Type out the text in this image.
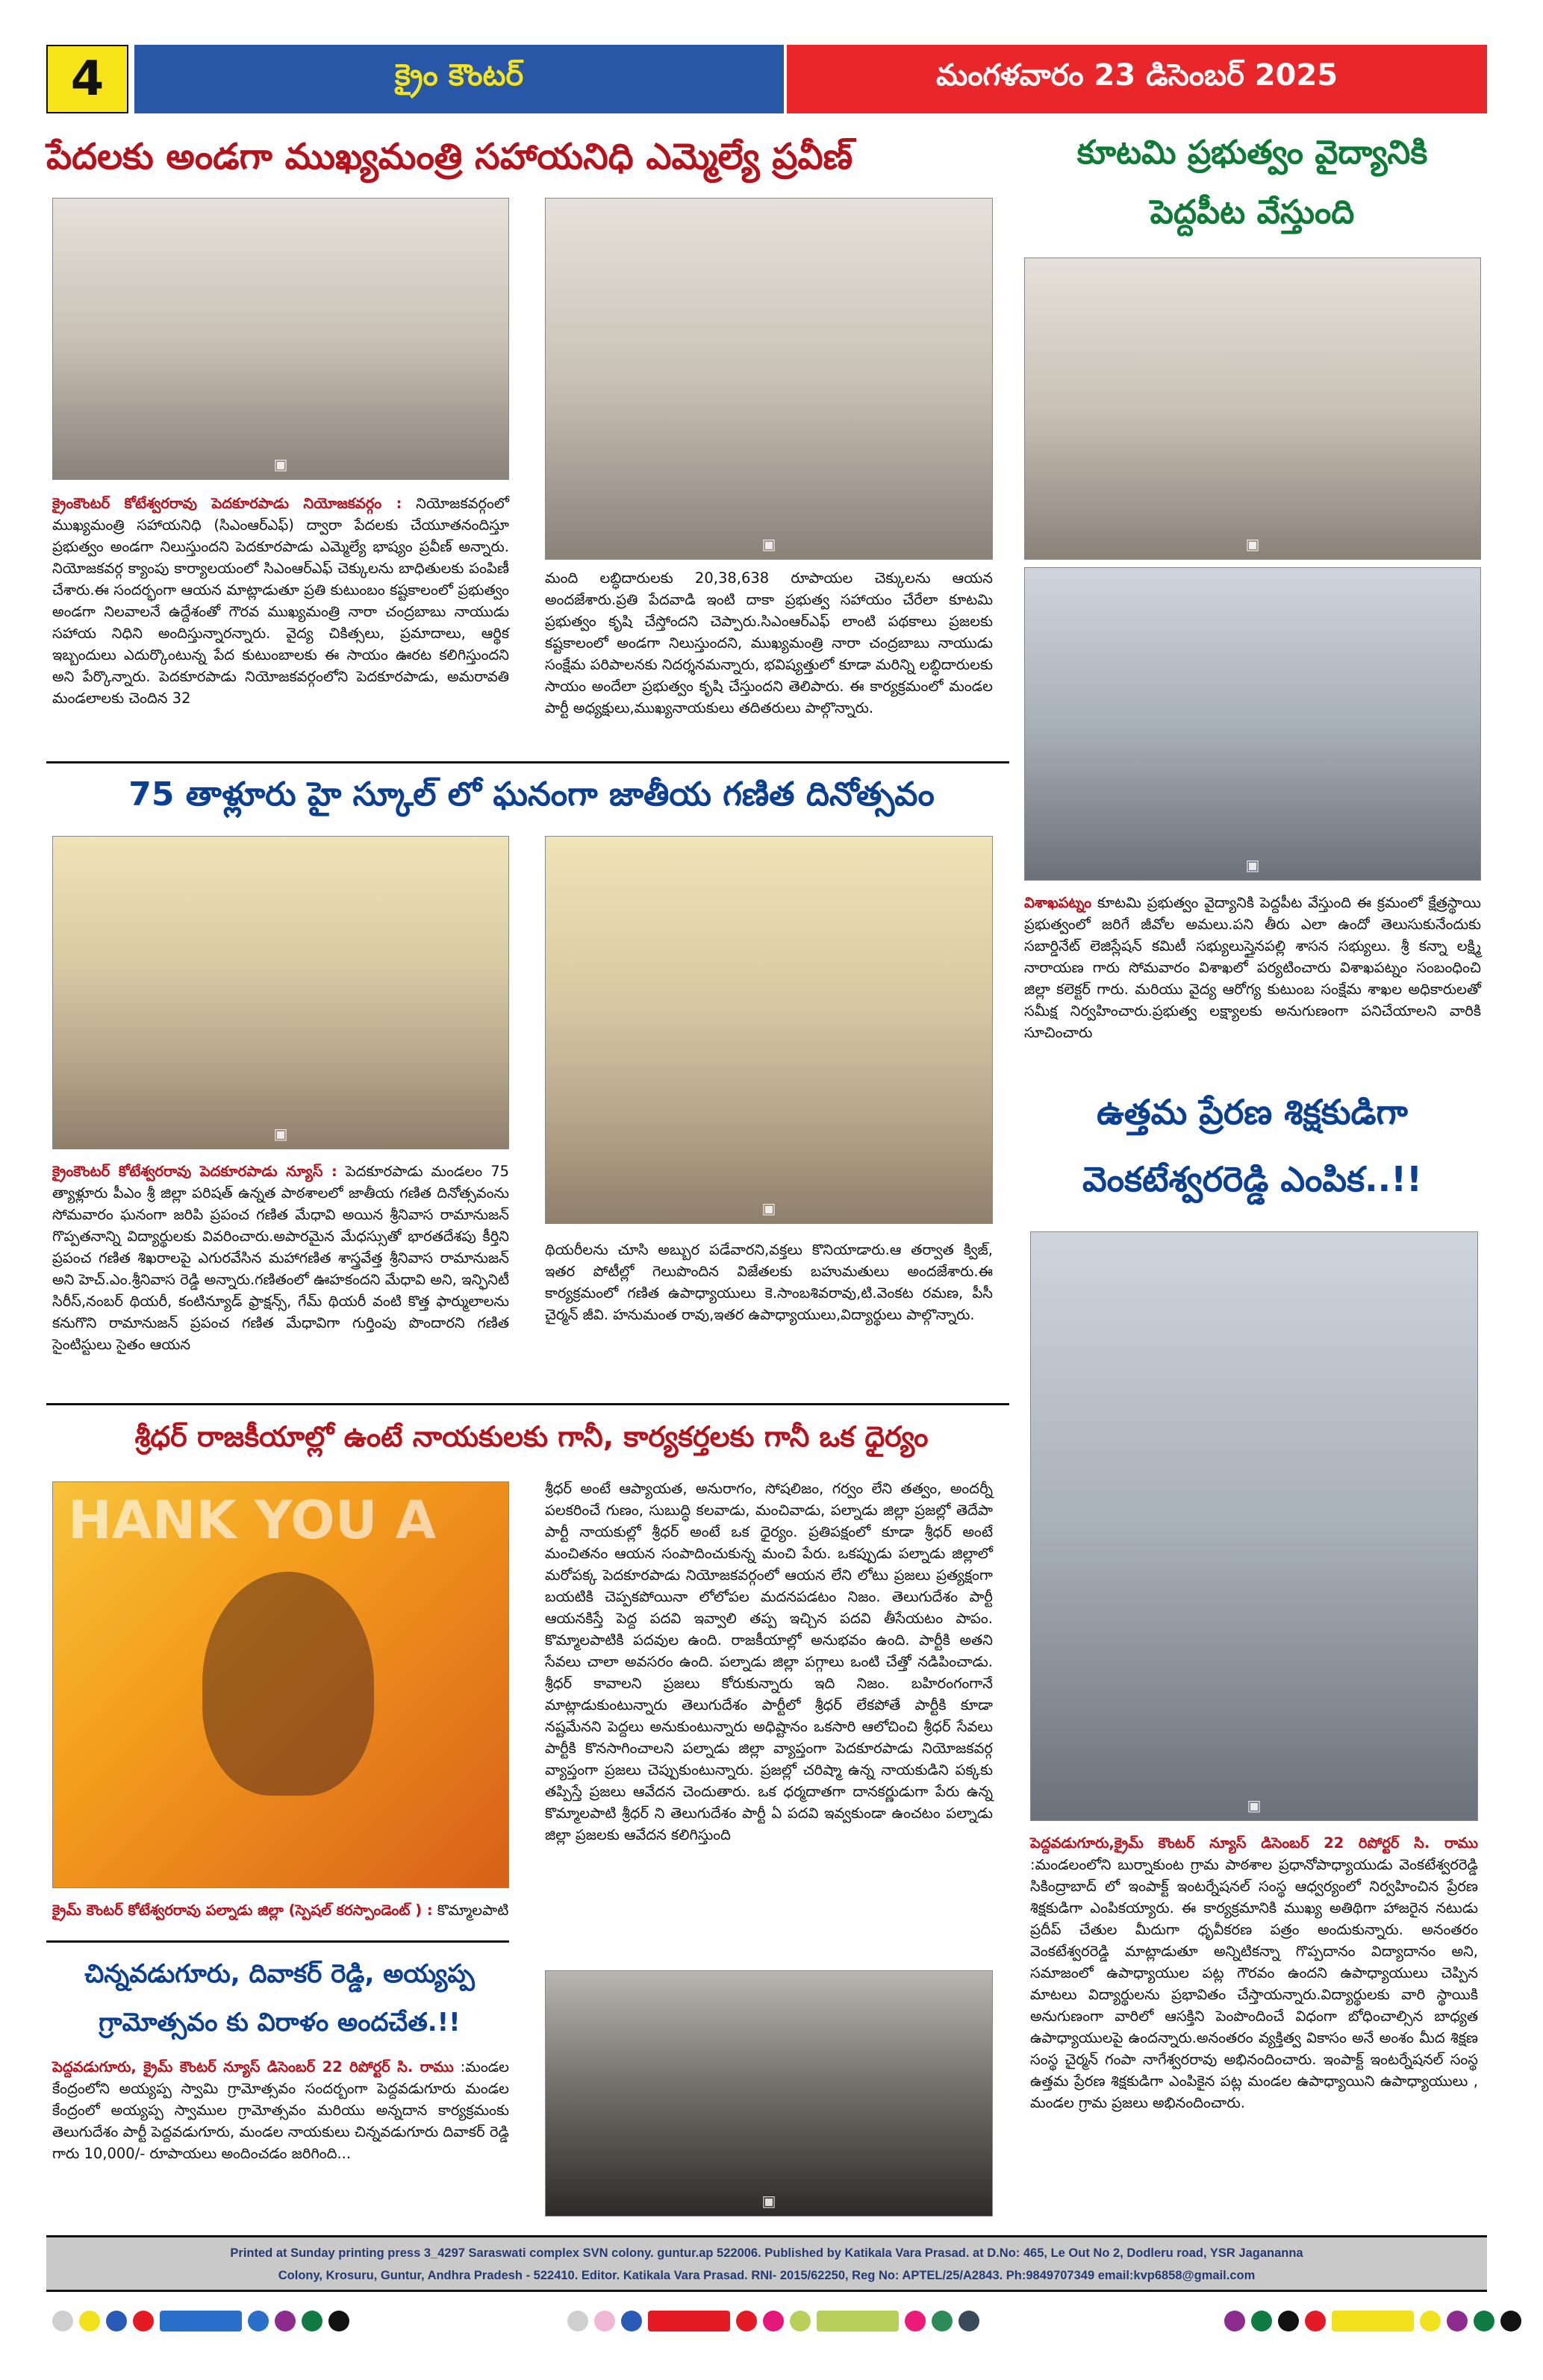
4	క్రైం కౌంటర్	మంగళవారం 23 డిసెంబర్ 2025
పేదలకు అండగా ముఖ్యమంత్రి సహాయనిధి ఎమ్మెల్యే ప్రవీణ్
▣
▣

క్రైంకౌంటర్ కోటేశ్వరరావు పెదకూరపాడు నియోజకవర్గం : నియోజకవర్గంలో ముఖ్యమంత్రి సహాయనిధి (సిఎంఆర్ఎఫ్) ద్వారా పేదలకు చేయూతనందిస్తూ ప్రభుత్వం అండగా నిలుస్తుందని పెదకూరపాడు ఎమ్మెల్యే భాష్యం ప్రవీణ్ అన్నారు. నియోజకవర్గ క్యాంపు కార్యాలయంలో సిఎంఆర్ఎఫ్ చెక్కులను బాధితులకు పంపిణీ చేశారు.ఈ సందర్భంగా ఆయన మాట్లాడుతూ ప్రతి కుటుంబం కష్టకాలంలో ప్రభుత్వం అండగా నిలవాలనే ఉద్దేశంతో గౌరవ ముఖ్యమంత్రి నారా చంద్రబాబు నాయుడు సహాయ నిధిని అందిస్తున్నారన్నారు. వైద్య చికిత్సలు, ప్రమాదాలు, ఆర్థిక ఇబ్బందులు ఎదుర్కొంటున్న పేద కుటుంబాలకు ఈ సాయం ఊరట కలిగిస్తుందని అని పేర్కొన్నారు. పెదకూరపాడు నియోజకవర్గంలోని పెదకూరపాడు, అమరావతి మండలాలకు చెందిన 32

మంది లబ్ధిదారులకు 20,38,638 రూపాయల చెక్కులను ఆయన అందజేశారు.ప్రతి పేదవాడి ఇంటి దాకా ప్రభుత్వ సహాయం చేరేలా కూటమి ప్రభుత్వం కృషి చేస్తోందని చెప్పారు.సిఎంఆర్ఎఫ్ లాంటి పథకాలు ప్రజలకు కష్టకాలంలో అండగా నిలుస్తుందని, ముఖ్యమంత్రి నారా చంద్రబాబు నాయుడు సంక్షేమ పరిపాలనకు నిదర్శనమన్నారు, భవిష్యత్తులో కూడా మరిన్ని లబ్ధిదారులకు సాయం అందేలా ప్రభుత్వం కృషి చేస్తుందని తెలిపారు. ఈ కార్యక్రమంలో మండల పార్టీ అధ్యక్షులు,ముఖ్యనాయకులు తదితరులు పాల్గొన్నారు.

కూటమి ప్రభుత్వం వైద్యానికి
పెద్దపీట వేస్తుంది
▣
▣

విశాఖపట్నం కూటమి ప్రభుత్వం వైద్యానికి పెద్దపీట వేస్తుంది ఈ క్రమంలో క్షేత్రస్థాయి ప్రభుత్వంలో జరిగే జీవోల అమలు.పని తీరు ఎలా ఉందో తెలుసుకునేందుకు సబార్డినేట్ లెజిస్లేషన్ కమిటీ సభ్యులుస్తైనపల్లి శాసన సభ్యులు. శ్రీ కన్నా లక్ష్మి నారాయణ గారు సోమవారం విశాఖలో పర్యటించారు విశాఖపట్నం సంబంధించి జిల్లా కలెక్టర్ గారు. మరియు వైద్య ఆరోగ్య కుటుంబ సంక్షేమ శాఖల అధికారులతో సమీక్ష నిర్వహించారు.ప్రభుత్వ లక్ష్యాలకు అనుగుణంగా పనిచేయాలని వారికి సూచించారు

75 తాళ్లూరు హై స్కూల్ లో ఘనంగా జాతీయ గణిత దినోత్సవం
▣
▣

క్రైంకౌంటర్ కోటేశ్వరరావు పెదకూరపాడు న్యూస్ : పెదకూరపాడు మండలం 75 త్యాళ్లూరు పీఎం శ్రీ జిల్లా పరిషత్ ఉన్నత పాఠశాలలో జాతీయ గణిత దినోత్సవంను సోమవారం ఘనంగా జరిపి ప్రపంచ గణిత మేధావి అయిన శ్రీనివాస రామానుజన్ గొప్పతనాన్ని విద్యార్థులకు వివరించారు.అపారమైన మేధస్సుతో భారతదేశపు కీర్తిని ప్రపంచ గణిత శిఖరాలపై ఎగురవేసిన మహాగణిత శాస్త్రవేత్త శ్రీనివాస రామానుజన్ అని హెచ్.ఎం.శ్రీనివాస రెడ్డి అన్నారు.గణితంలో ఊహకందని మేధావి అని, ఇన్ఫినిటీ సిరీస్,నంబర్ థియరీ, కంటిన్యూడ్ ఫ్రాక్షన్స్, గేమ్ థియరీ వంటి కొత్త ఫార్ములాలను కనుగొని రామానుజన్ ప్రపంచ గణిత మేధావిగా గుర్తింపు పొందారని గణిత సైంటిస్టులు సైతం ఆయన

థియరీలను చూసి అబ్బుర పడేవారని,వక్తలు కొనియాడారు.ఆ తర్వాత క్విజ్, ఇతర పోటీల్లో గెలుపొందిన విజేతలకు బహుమతులు అందజేశారు.ఈ కార్యక్రమంలో గణిత ఉపాధ్యాయులు కె.సాంబశివరావు,టి.వెంకట రమణ, పీసీ చైర్మన్ జీవి. హనుమంత రావు,ఇతర ఉపాధ్యాయులు,విద్యార్థులు పాల్గొన్నారు.

ఉత్తమ ప్రేరణ శిక్షకుడిగా
వెంకటేశ్వరరెడ్డి ఎంపిక..!!
▣

పెద్దవడుగూరు,క్రైమ్ కౌంటర్ న్యూస్ డిసెంబర్ 22 రిపోర్టర్ సి. రాము :మండలంలోని బుర్నాకుంట గ్రామ పాఠశాల ప్రధానోపాధ్యాయుడు వెంకటేశ్వరరెడ్డి సికింద్రాబాద్ లో ఇంపాక్ట్ ఇంటర్నేషనల్ సంస్థ ఆధ్వర్యంలో నిర్వహించిన ప్రేరణ శిక్షకుడిగా ఎంపికయ్యారు. ఈ కార్యక్రమానికి ముఖ్య అతిథిగా హాజరైన నటుడు ప్రదీప్ చేతుల మీదుగా ధృవీకరణ పత్రం అందుకున్నారు. అనంతరం వెంకటేశ్వరరెడ్డి మాట్లాడుతూ అన్నిటికన్నా గొప్పదానం విద్యాదానం అని, సమాజంలో ఉపాధ్యాయుల పట్ల గౌరవం ఉందని ఉపాధ్యాయులు చెప్పిన మాటలు విద్యార్థులను ప్రభావితం చేస్తాయన్నారు.విద్యార్థులకు వారి స్థాయికి అనుగుణంగా వారిలో ఆసక్తిని పెంపొందించే విధంగా బోధించాల్సిన బాధ్యత ఉపాధ్యాయులపై ఉందన్నారు.అనంతరం వ్యక్తిత్వ వికాసం అనే అంశం మీద శిక్షణ సంస్థ చైర్మన్ గంపా నాగేశ్వరరావు అభినందించారు. ఇంపాక్ట్ ఇంటర్నేషనల్ సంస్థ ఉత్తమ ప్రేరణ శిక్షకుడిగా ఎంపికైన పట్ల మండల ఉపాధ్యాయిని ఉపాధ్యాయులు , మండల గ్రామ ప్రజలు అభినందించారు.

శ్రీధర్ రాజకీయాల్లో ఉంటే నాయకులకు గానీ, కార్యకర్తలకు గానీ ఒక ధైర్యం
HANK YOU A

క్రైమ్ కౌంటర్ కోటేశ్వరరావు పల్నాడు జిల్లా (స్పెషల్ కరస్పాండెంట్ ) : కొమ్మాలపాటి

శ్రీధర్ అంటే ఆప్యాయత, అనురాగం, సోషలిజం, గర్వం లేని తత్వం, అందర్నీ పలకరించే గుణం, సుబుద్ధి కలవాడు, మంచివాడు, పల్నాడు జిల్లా ప్రజల్లో తెదేపా పార్టీ నాయకుల్లో శ్రీధర్ అంటే ఒక ధైర్యం. ప్రతిపక్షంలో కూడా శ్రీధర్ అంటే మంచితనం ఆయన సంపాదించుకున్న మంచి పేరు. ఒకప్పుడు పల్నాడు జిల్లాలో మరోపక్క పెదకూరపాడు నియోజకవర్గంలో ఆయన లేని లోటు ప్రజలు ప్రత్యక్షంగా బయటికి చెప్పకపోయినా లోలోపల మదనపడటం నిజం. తెలుగుదేశం పార్టీ ఆయనకిస్తే పెద్ద పదవి ఇవ్వాలి తప్ప ఇచ్చిన పదవి తీసేయటం పాపం. కొమ్మాలపాటికి పదవుల ఉంది. రాజకీయాల్లో అనుభవం ఉంది. పార్టీకి అతని సేవలు చాలా అవసరం ఉంది. పల్నాడు జిల్లా పగ్గాలు ఒంటి చేత్తో నడిపించాడు. శ్రీధర్ కావాలని ప్రజలు కోరుకున్నారు ఇది నిజం. బహిరంగంగానే మాట్లాడుకుంటున్నారు తెలుగుదేశం పార్టీలో శ్రీధర్ లేకపోతే పార్టీకి కూడా నష్టమేనని పెద్దలు అనుకుంటున్నారు అధిష్టానం ఒకసారి ఆలోచించి శ్రీధర్ సేవలు పార్టీకి కొనసాగించాలని పల్నాడు జిల్లా వ్యాప్తంగా పెదకూరపాడు నియోజకవర్గ వ్యాప్తంగా ప్రజలు చెప్పుకుంటున్నారు. ప్రజల్లో చరిష్మా ఉన్న నాయకుడిని పక్కకు తప్పిస్తే ప్రజలు ఆవేదన చెందుతారు. ఒక ధర్మదాతగా దానకర్ణుడుగా పేరు ఉన్న కొమ్మాలపాటి శ్రీధర్ ని తెలుగుదేశం పార్టీ ఏ పదవి ఇవ్వకుండా ఉంచటం పల్నాడు జిల్లా ప్రజలకు ఆవేదన కలిగిస్తుంది

చిన్నవడుగూరు, దివాకర్ రెడ్డి, అయ్యప్ప
గ్రామోత్సవం కు విరాళం అందచేత.!!

పెద్దవడుగూరు, క్రైమ్ కౌంటర్ న్యూస్ డిసెంబర్ 22 రిపోర్టర్ సి. రాము :మండల కేంద్రంలోని అయ్యప్ప స్వామి గ్రామోత్సవం సందర్బంగా పెద్దవడుగూరు మండల కేంద్రంలో అయ్యప్ప స్వాముల గ్రామోత్సవం మరియు అన్నదాన కార్యక్రమంకు తెలుగుదేశం పార్టీ పెద్దవడుగూరు, మండల నాయకులు చిన్నవడుగూరు దివాకర్ రెడ్డి గారు 10,000/- రూపాయలు అందించడం జరిగింది...

▣
Printed at Sunday printing press 3_4297 Saraswati complex SVN colony. guntur.ap 522006. Published by Katikala Vara Prasad. at D.No: 465, Le Out No 2, Dodleru road, YSR Jagananna
Colony, Krosuru, Guntur, Andhra Pradesh - 522410. Editor. Katikala Vara Prasad. RNI- 2015/62250, Reg No: APTEL/25/A2843. Ph:9849707349 email:kvp6858@gmail.com
